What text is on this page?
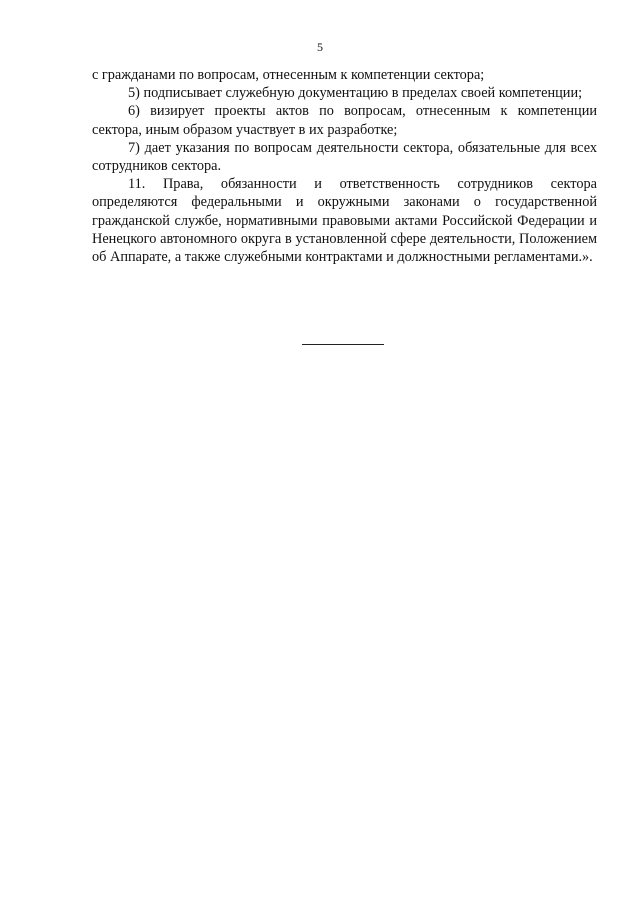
5

с гражданами по вопросам, отнесенным к компетенции сектора;

5) подписывает служебную документацию в пределах своей компетенции;

6) визирует проекты актов по вопросам, отнесенным к компетенции сектора, иным образом участвует в их разработке;

7) дает указания по вопросам деятельности сектора, обязательные для всех сотрудников сектора.

11. Права, обязанности и ответственность сотрудников сектора определяются федеральными и окружными законами о государственной гражданской службе, нормативными правовыми актами Российской Федерации и Ненецкого автономного округа в установленной сфере деятельности, Положением об Аппарате, а также служебными контрактами и должностными регламентами.».
